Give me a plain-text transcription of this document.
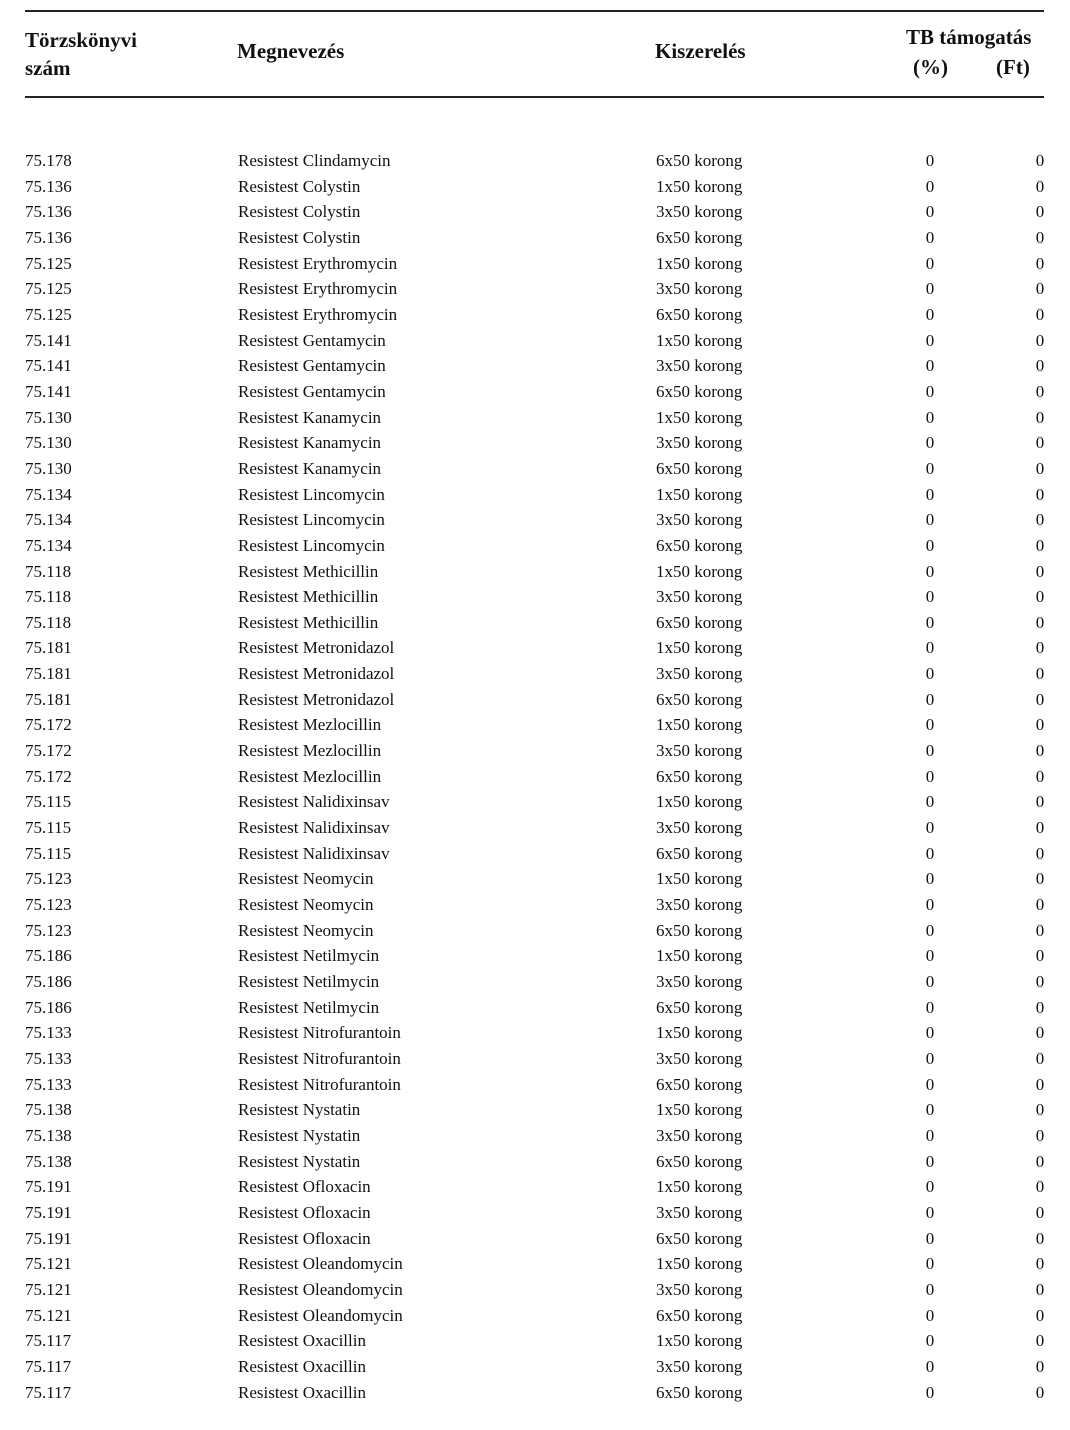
Törzskönyvi
szám
Megnevezés	Kiszerelés
TB támogatás
(%) (Ft)
75.178	Resistest Clindamycin	6x50 korong	0	0
75.136	Resistest Colystin	1x50 korong	0	0
75.136	Resistest Colystin	3x50 korong	0	0
75.136	Resistest Colystin	6x50 korong	0	0
75.125	Resistest Erythromycin	1x50 korong	0	0
75.125	Resistest Erythromycin	3x50 korong	0	0
75.125	Resistest Erythromycin	6x50 korong	0	0
75.141	Resistest Gentamycin	1x50 korong	0	0
75.141	Resistest Gentamycin	3x50 korong	0	0
75.141	Resistest Gentamycin	6x50 korong	0	0
75.130	Resistest Kanamycin	1x50 korong	0	0
75.130	Resistest Kanamycin	3x50 korong	0	0
75.130	Resistest Kanamycin	6x50 korong	0	0
75.134	Resistest Lincomycin	1x50 korong	0	0
75.134	Resistest Lincomycin	3x50 korong	0	0
75.134	Resistest Lincomycin	6x50 korong	0	0
75.118	Resistest Methicillin	1x50 korong	0	0
75.118	Resistest Methicillin	3x50 korong	0	0
75.118	Resistest Methicillin	6x50 korong	0	0
75.181	Resistest Metronidazol	1x50 korong	0	0
75.181	Resistest Metronidazol	3x50 korong	0	0
75.181	Resistest Metronidazol	6x50 korong	0	0
75.172	Resistest Mezlocillin	1x50 korong	0	0
75.172	Resistest Mezlocillin	3x50 korong	0	0
75.172	Resistest Mezlocillin	6x50 korong	0	0
75.115	Resistest Nalidixinsav	1x50 korong	0	0
75.115	Resistest Nalidixinsav	3x50 korong	0	0
75.115	Resistest Nalidixinsav	6x50 korong	0	0
75.123	Resistest Neomycin	1x50 korong	0	0
75.123	Resistest Neomycin	3x50 korong	0	0
75.123	Resistest Neomycin	6x50 korong	0	0
75.186	Resistest Netilmycin	1x50 korong	0	0
75.186	Resistest Netilmycin	3x50 korong	0	0
75.186	Resistest Netilmycin	6x50 korong	0	0
75.133	Resistest Nitrofurantoin	1x50 korong	0	0
75.133	Resistest Nitrofurantoin	3x50 korong	0	0
75.133	Resistest Nitrofurantoin	6x50 korong	0	0
75.138	Resistest Nystatin	1x50 korong	0	0
75.138	Resistest Nystatin	3x50 korong	0	0
75.138	Resistest Nystatin	6x50 korong	0	0
75.191	Resistest Ofloxacin	1x50 korong	0	0
75.191	Resistest Ofloxacin	3x50 korong	0	0
75.191	Resistest Ofloxacin	6x50 korong	0	0
75.121	Resistest Oleandomycin	1x50 korong	0	0
75.121	Resistest Oleandomycin	3x50 korong	0	0
75.121	Resistest Oleandomycin	6x50 korong	0	0
75.117	Resistest Oxacillin	1x50 korong	0	0
75.117	Resistest Oxacillin	3x50 korong	0	0
75.117	Resistest Oxacillin	6x50 korong	0	0
